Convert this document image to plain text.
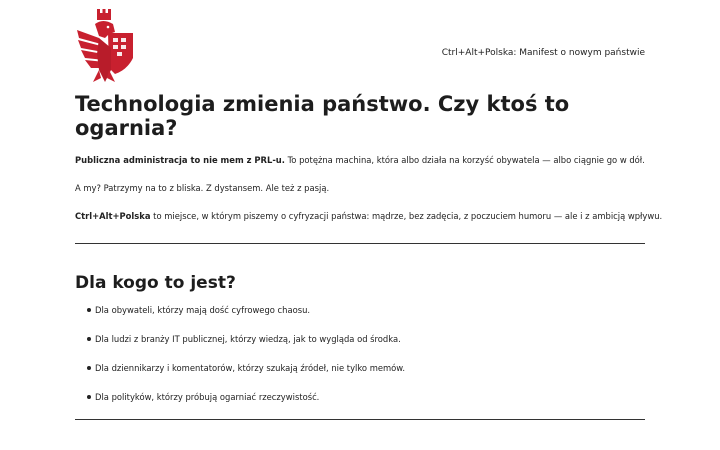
Ctrl+Alt+Polska: Manifest o nowym państwie
Technologia zmienia państwo. Czy ktoś to ogarnia?

Publiczna administracja to nie mem z PRL-u. To potężna machina, która albo działa na korzyść obywatela — albo ciągnie go w dół.

A my? Patrzymy na to z bliska. Z dystansem. Ale też z pasją.

Ctrl+Alt+Polska to miejsce, w którym piszemy o cyfryzacji państwa: mądrze, bez zadęcia, z poczuciem humoru — ale i z ambicją wpływu.

Dla kogo to jest?
Dla obywateli, którzy mają dość cyfrowego chaosu.
Dla ludzi z branży IT publicznej, którzy wiedzą, jak to wygląda od środka.
Dla dziennikarzy i komentatorów, którzy szukają źródeł, nie tylko memów.
Dla polityków, którzy próbują ogarniać rzeczywistość.
